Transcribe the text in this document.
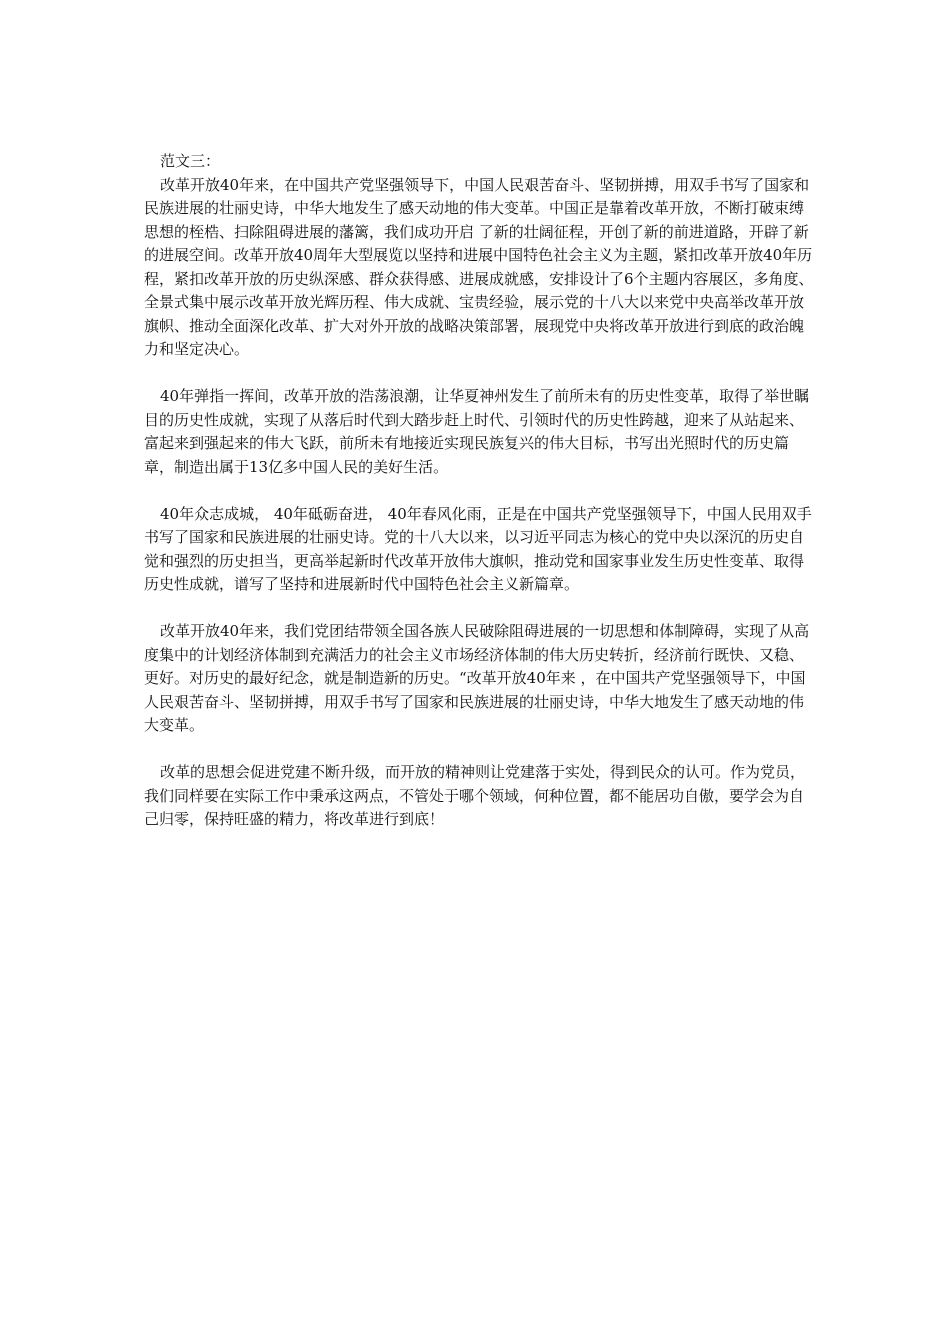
范文三：

改革开放40年来，在中国共产党坚强领导下，中国人民艰苦奋斗、坚韧拼搏，用双手书写了国家和民族进展的壮丽史诗，中华大地发生了感天动地的伟大变革。中国正是靠着改革开放，不断打破束缚思想的桎梏、扫除阻碍进展的藩篱，我们成功开启 了新的壮阔征程，开创了新的前进道路，开辟了新的进展空间。改革开放40周年大型展览以坚持和进展中国特色社会主义为主题，紧扣改革开放40年历程，紧扣改革开放的历史纵深感、群众获得感、进展成就感，安排设计了6个主题内容展区，多角度、全景式集中展示改革开放光辉历程、伟大成就、宝贵经验，展示党的十八大以来党中央高举改革开放旗帜、推动全面深化改革、扩大对外开放的战略决策部署，展现党中央将改革开放进行到底的政治魄力和坚定决心。

40年弹指一挥间，改革开放的浩荡浪潮，让华夏神州发生了前所未有的历史性变革，取得了举世瞩目的历史性成就，实现了从落后时代到大踏步赶上时代、引领时代的历史性跨越，迎来了从站起来、富起来到强起来的伟大飞跃，前所未有地接近实现民族复兴的伟大目标，书写出光照时代的历史篇章，制造出属于13亿多中国人民的美好生活。

40年众志成城， 40年砥砺奋进， 40年春风化雨，正是在中国共产党坚强领导下，中国人民用双手书写了国家和民族进展的壮丽史诗。党的十八大以来，以习近平同志为核心的党中央以深沉的历史自觉和强烈的历史担当，更高举起新时代改革开放伟大旗帜，推动党和国家事业发生历史性变革、取得历史性成就，谱写了坚持和进展新时代中国特色社会主义新篇章。

改革开放40年来，我们党团结带领全国各族人民破除阻碍进展的一切思想和体制障碍，实现了从高度集中的计划经济体制到充满活力的社会主义市场经济体制的伟大历史转折，经济前行既快、又稳、更好。对历史的最好纪念，就是制造新的历史。“改革开放40年来 ，在中国共产党坚强领导下，中国人民艰苦奋斗、坚韧拼搏，用双手书写了国家和民族进展的壮丽史诗，中华大地发生了感天动地的伟大变革。

改革的思想会促进党建不断升级，而开放的精神则让党建落于实处，得到民众的认可。作为党员，我们同样要在实际工作中秉承这两点，不管处于哪个领域，何种位置，都不能居功自傲，要学会为自己归零，保持旺盛的精力，将改革进行到底！
